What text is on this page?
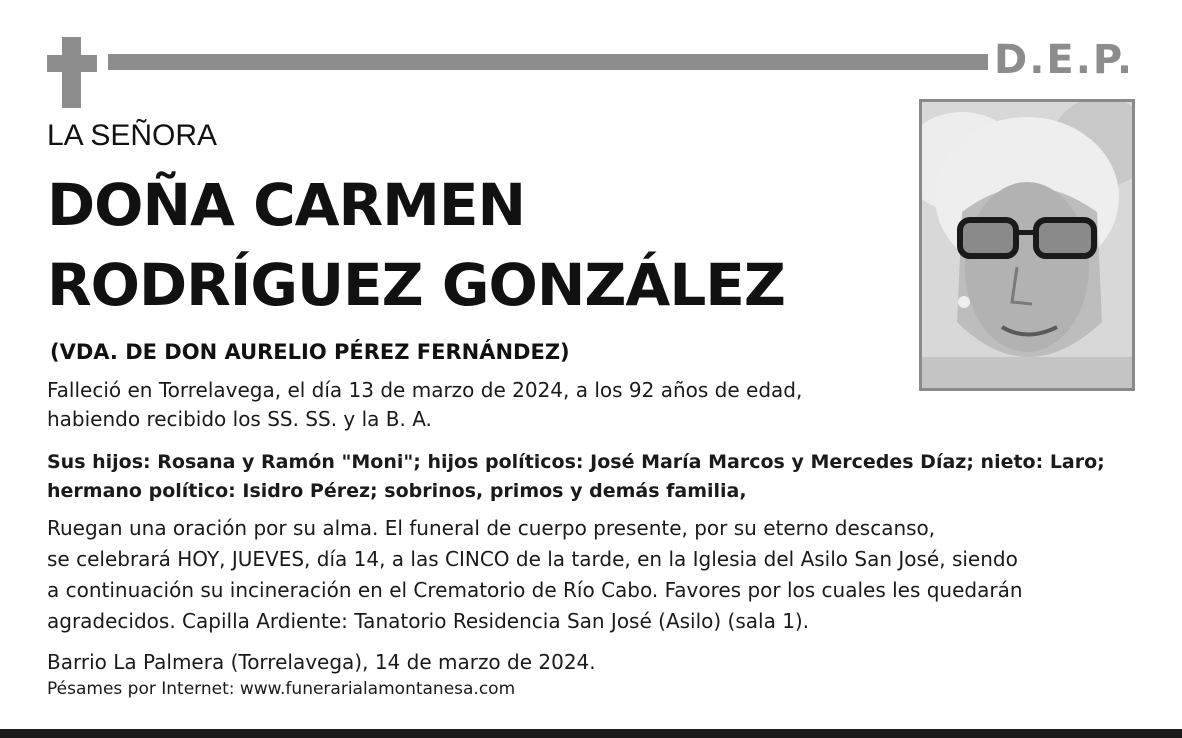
D.E.P.
LA SEÑORA
DOÑA CARMEN
RODRÍGUEZ GONZÁLEZ
(VDA. DE DON AURELIO PÉREZ FERNÁNDEZ)
Falleció en Torrelavega, el día 13 de marzo de 2024, a los 92 años de edad,
habiendo recibido los SS. SS. y la B. A.
Sus hijos: Rosana y Ramón "Moni"; hijos políticos: José María Marcos y Mercedes Díaz; nieto: Laro;
hermano político: Isidro Pérez; sobrinos, primos y demás familia,
Ruegan una oración por su alma. El funeral de cuerpo presente, por su eterno descanso,
se celebrará HOY, JUEVES, día 14, a las CINCO de la tarde, en la Iglesia del Asilo San José, siendo
a continuación su incineración en el Crematorio de Río Cabo. Favores por los cuales les quedarán
agradecidos. Capilla Ardiente: Tanatorio Residencia San José (Asilo) (sala 1).
Barrio La Palmera (Torrelavega), 14 de marzo de 2024.
Pésames por Internet: www.funerarialamontanesa.com
